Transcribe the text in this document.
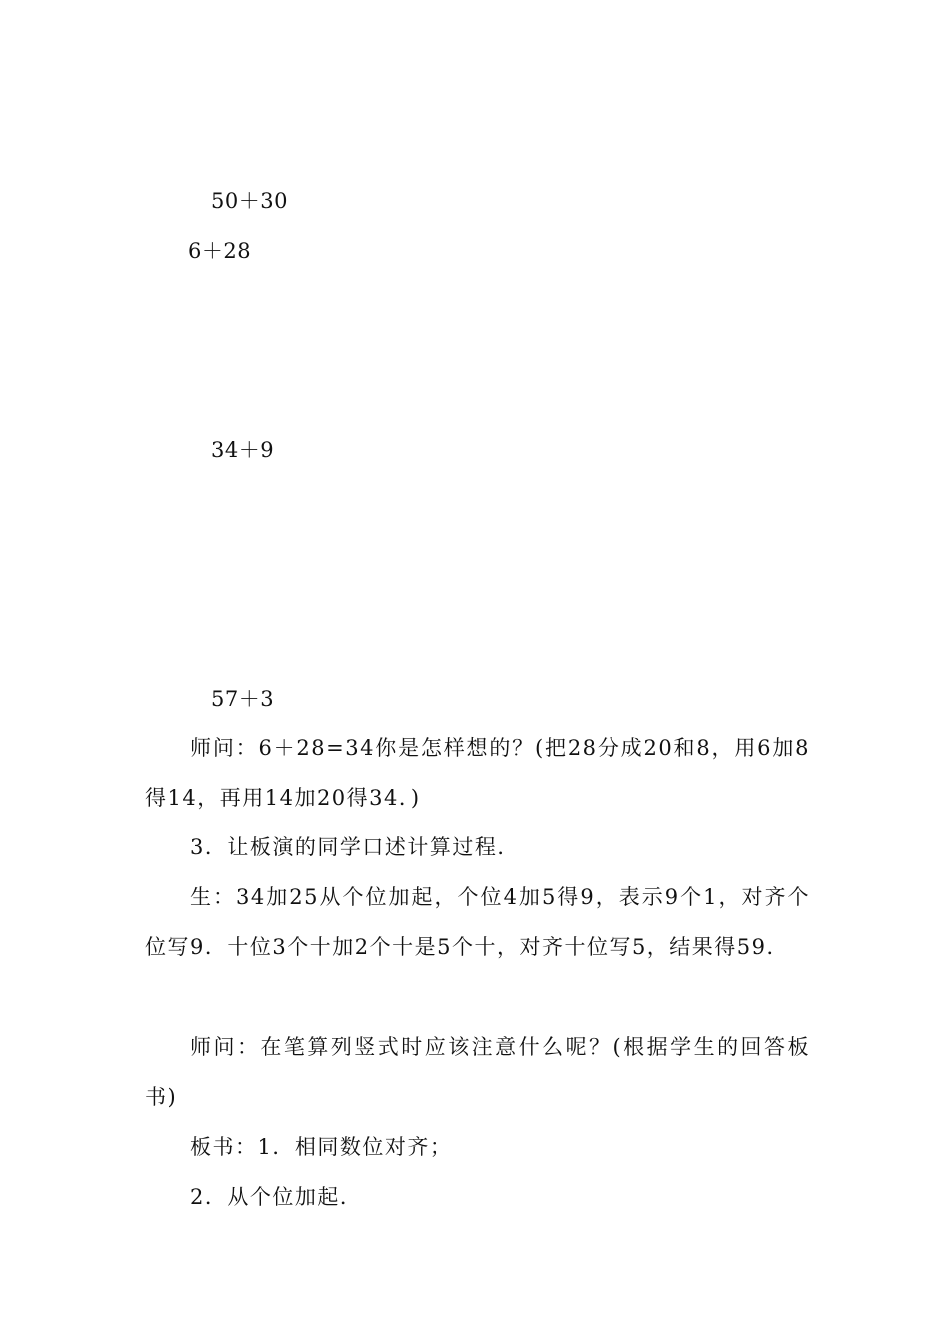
50＋30
6＋28
34＋9
57＋3
师问：6＋28=34你是怎样想的？(把28分成20和8，用6加8得14，再用14加20得34．)
3．让板演的同学口述计算过程．
生：34加25从个位加起，个位4加5得9，表示9个1，对齐个位写9．十位3个十加2个十是5个十，对齐十位写5，结果得59．
师问：在笔算列竖式时应该注意什么呢？(根据学生的回答板书)
板书：1．相同数位对齐；
2．从个位加起．
